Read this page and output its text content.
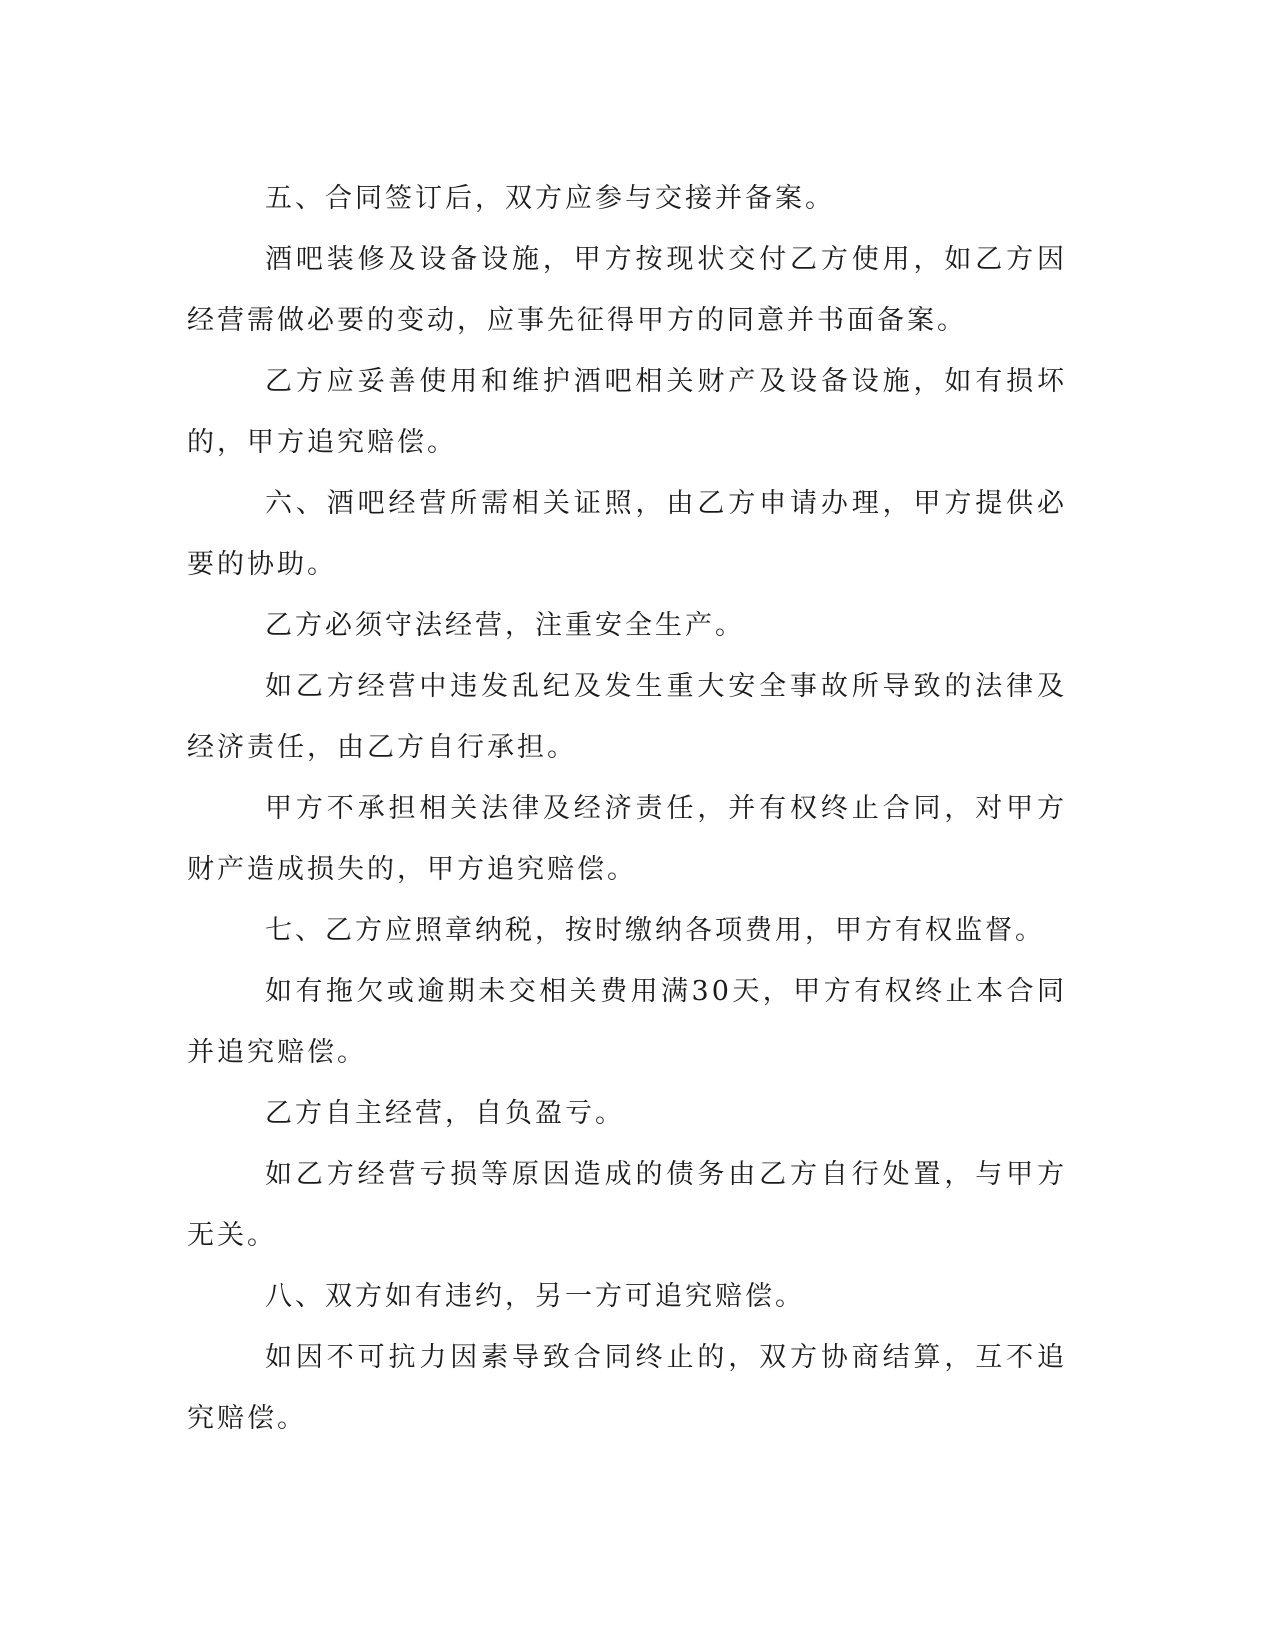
五、合同签订后，双方应参与交接并备案。

酒吧装修及设备设施，甲方按现状交付乙方使用，如乙方因经营需做必要的变动，应事先征得甲方的同意并书面备案。

乙方应妥善使用和维护酒吧相关财产及设备设施，如有损坏的，甲方追究赔偿。

六、酒吧经营所需相关证照，由乙方申请办理，甲方提供必要的协助。

乙方必须守法经营，注重安全生产。

如乙方经营中违发乱纪及发生重大安全事故所导致的法律及经济责任，由乙方自行承担。

甲方不承担相关法律及经济责任，并有权终止合同，对甲方财产造成损失的，甲方追究赔偿。

七、乙方应照章纳税，按时缴纳各项费用，甲方有权监督。

如有拖欠或逾期未交相关费用满30天，甲方有权终止本合同并追究赔偿。

乙方自主经营，自负盈亏。

如乙方经营亏损等原因造成的债务由乙方自行处置，与甲方无关。

八、双方如有违约，另一方可追究赔偿。

如因不可抗力因素导致合同终止的，双方协商结算，互不追究赔偿。
